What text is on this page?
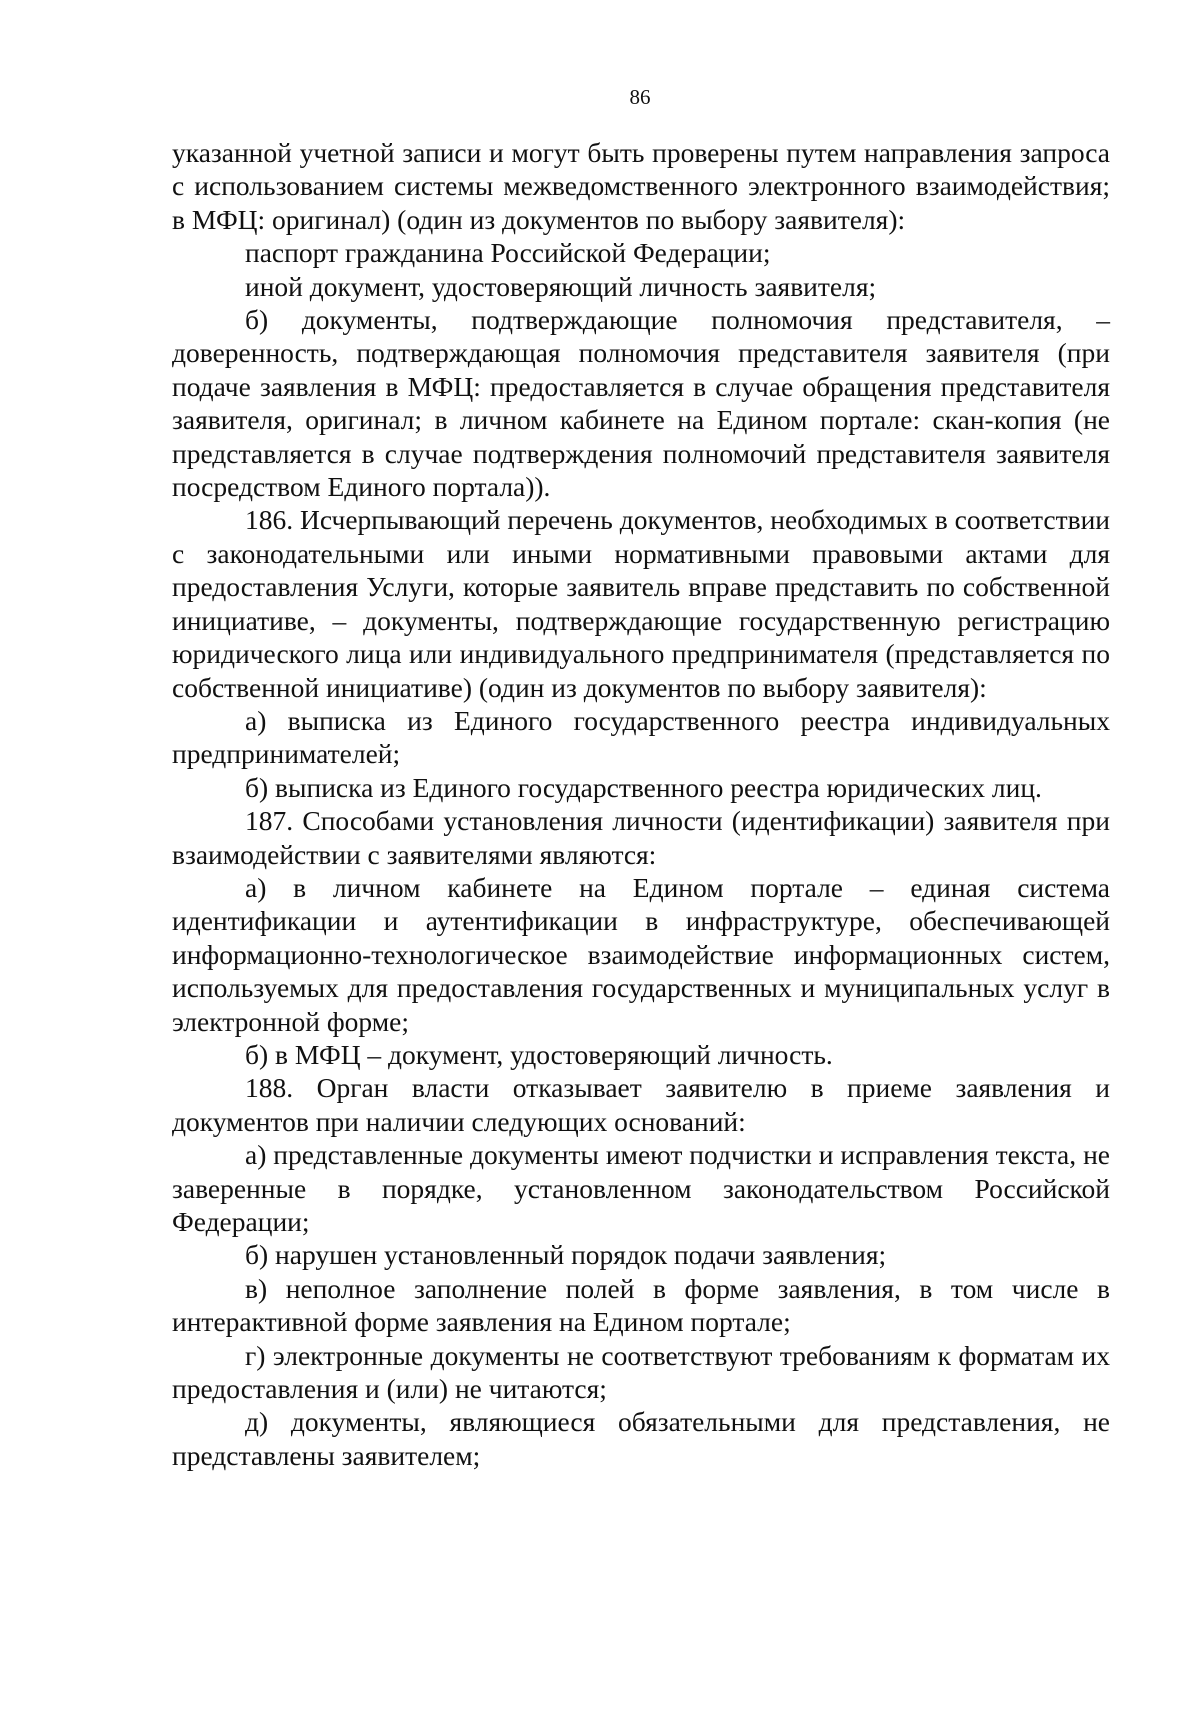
86

указанной учетной записи и могут быть проверены путем направления запроса с использованием системы межведомственного электронного взаимодействия; в МФЦ: оригинал) (один из документов по выбору заявителя):

паспорт гражданина Российской Федерации;

иной документ, удостоверяющий личность заявителя;

б) документы, подтверждающие полномочия представителя, – доверенность, подтверждающая полномочия представителя заявителя (при подаче заявления в МФЦ: предоставляется в случае обращения представителя заявителя, оригинал; в личном кабинете на Едином портале: скан-копия (не представляется в случае подтверждения полномочий представителя заявителя посредством Единого портала)).

186. Исчерпывающий перечень документов, необходимых в соответствии с законодательными или иными нормативными правовыми актами для предоставления Услуги, которые заявитель вправе представить по собственной инициативе, – документы, подтверждающие государственную регистрацию юридического лица или индивидуального предпринимателя (представляется по собственной инициативе) (один из документов по выбору заявителя):

а) выписка из Единого государственного реестра индивидуальных предпринимателей;

б) выписка из Единого государственного реестра юридических лиц.

187. Способами установления личности (идентификации) заявителя при взаимодействии с заявителями являются:

а) в личном кабинете на Едином портале – единая система идентификации и аутентификации в инфраструктуре, обеспечивающей информационно-технологическое взаимодействие информационных систем, используемых для предоставления государственных и муниципальных услуг в электронной форме;

б) в МФЦ – документ, удостоверяющий личность.

188. Орган власти отказывает заявителю в приеме заявления и документов при наличии следующих оснований:

а) представленные документы имеют подчистки и исправления текста, не заверенные в порядке, установленном законодательством Российской Федерации;

б) нарушен установленный порядок подачи заявления;

в) неполное заполнение полей в форме заявления, в том числе в интерактивной форме заявления на Едином портале;

г) электронные документы не соответствуют требованиям к форматам их предоставления и (или) не читаются;

д) документы, являющиеся обязательными для представления, не представлены заявителем;
